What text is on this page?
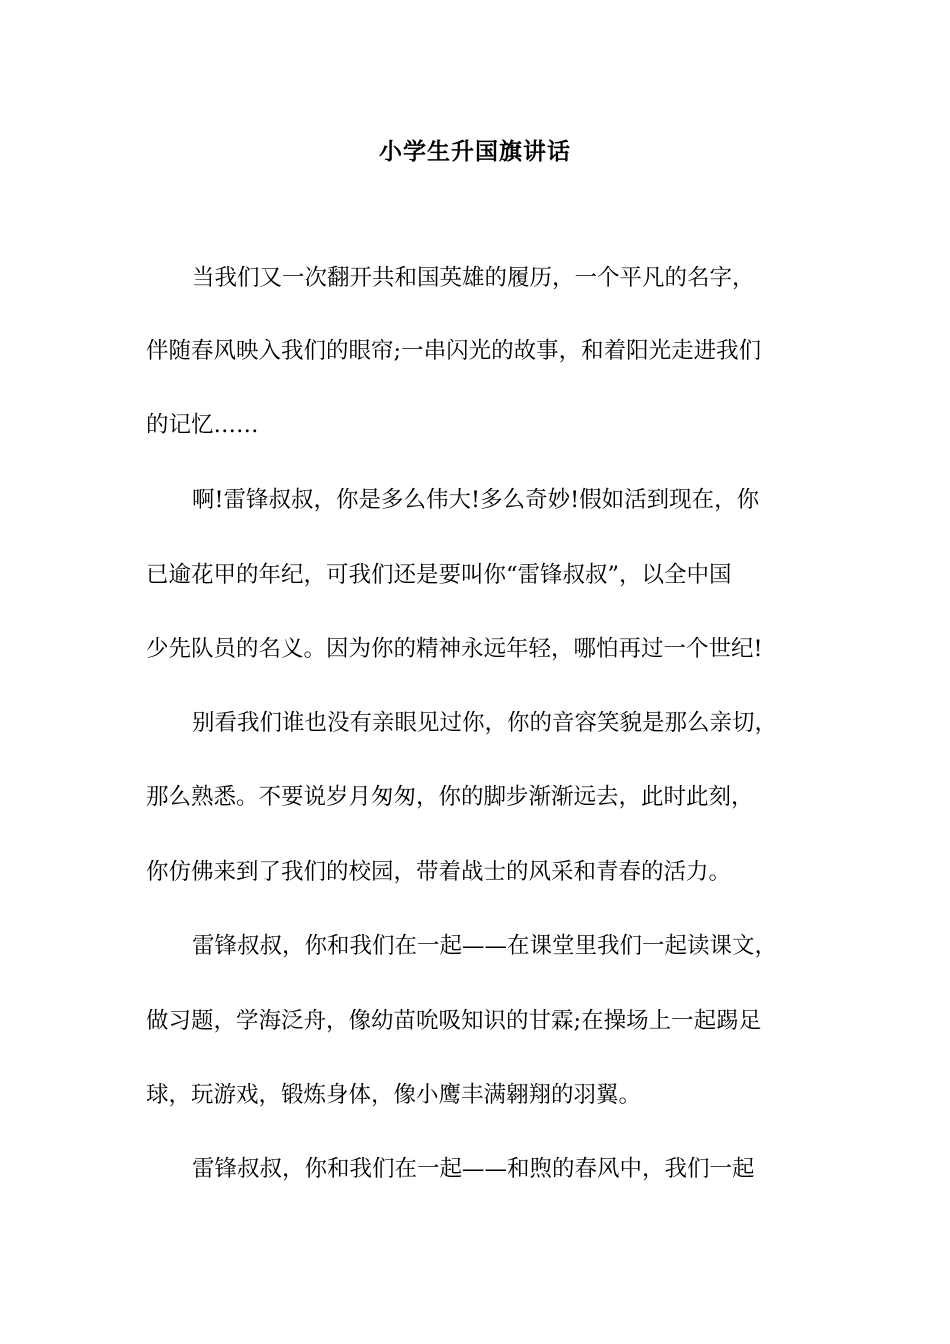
小学生升国旗讲话
当我们又一次翻开共和国英雄的履历，一个平凡的名字，
伴随春风映入我们的眼帘;一串闪光的故事，和着阳光走进我们
的记忆……
啊!雷锋叔叔，你是多么伟大!多么奇妙!假如活到现在，你
已逾花甲的年纪，可我们还是要叫你“雷锋叔叔”，以全中国
少先队员的名义。因为你的精神永远年轻，哪怕再过一个世纪!
别看我们谁也没有亲眼见过你，你的音容笑貌是那么亲切，
那么熟悉。不要说岁月匆匆，你的脚步渐渐远去，此时此刻，
你仿佛来到了我们的校园，带着战士的风采和青春的活力。
雷锋叔叔，你和我们在一起——在课堂里我们一起读课文，
做习题，学海泛舟，像幼苗吮吸知识的甘霖;在操场上一起踢足
球，玩游戏，锻炼身体，像小鹰丰满翱翔的羽翼。
雷锋叔叔，你和我们在一起——和煦的春风中，我们一起
